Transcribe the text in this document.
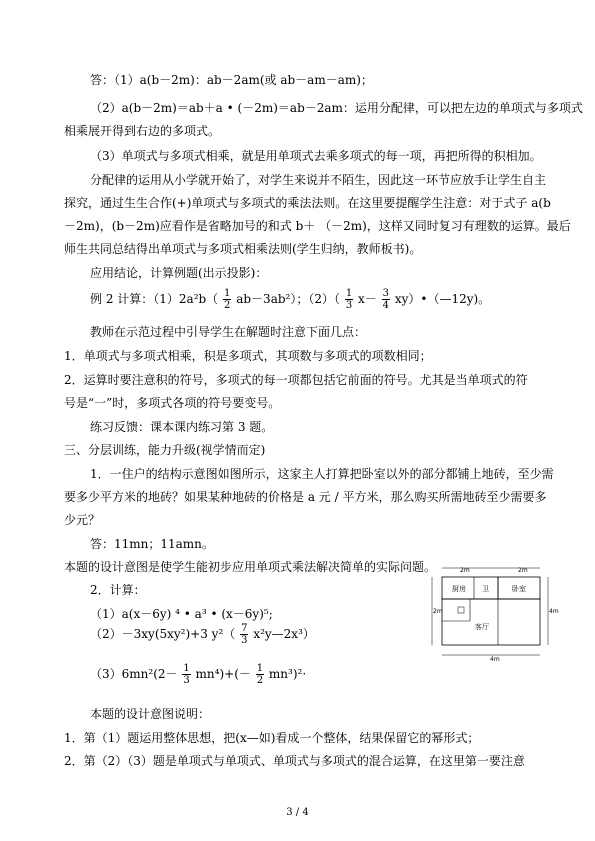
答：（1）a(b－2m)：ab－2am(或 ab－am－am)；
（2）a(b－2m)＝ab＋a • (－2m)＝ab－2am：运用分配律，可以把左边的单项式与多项式
相乘展开得到右边的多项式。
（3）单项式与多项式相乘，就是用单项式去乘多项式的每一项，再把所得的积相加。
分配律的运用从小学就开始了，对学生来说并不陌生，因此这一环节应放手让学生自主
探究，通过生生合作(+)单项式与多项式的乘法法则。在这里要提醒学生注意：对于式子 a(b
－2m)，(b－2m)应看作是省略加号的和式 b＋ （－2m)，这样又同时复习有理数的运算。最后
师生共同总结得出单项式与多项式相乘法则(学生归纳，教师板书)。
应用结论，计算例题(出示投影)：
例 2 计算：$(1)2a^2b( \frac{1}{2} ab-3ab^2)$；$(2)( \frac{1}{3} x- \frac{3}{4}$ xy）•（—12y)。
教师在示范过程中引导学生在解题时注意下面几点：
1．单项式与多项式相乘，积是多项式，其项数与多项式的项数相同；
2．运算时要注意积的符号，多项式的每一项都包括它前面的符号。尤其是当单项式的符
号是“一”时，多项式各项的符号要变号。
练习反馈：课本课内练习第 3 题。
三、分层训练，能力升级(视学情而定)
1．一住户的结构示意图如图所示，这家主人打算把卧室以外的部分都铺上地砖，至少需
要多少平方米的地砖？如果某种地砖的价格是 a 元 / 平方米，那么购买所需地砖至少需要多
少元？
答：11mn；11amn。
本题的设计意图是使学生能初步应用单项式乘法解决简单的实际问题。
2．计算：
（1）a(x－6y) ⁴ • a³ • (x－6y)⁵;
（2）－3xy(5xy²)+3 $y^2( \frac{7}{3}$ x²y—2x³）
$(3)6mn^2(2- \frac{1}{3} mn^4)+(- \frac{1}{2} mn^3)^2\cdot$
本题的设计意图说明：
1．第（1）题运用整体思想，把(x—如)看成一个整体，结果保留它的幂形式；
2．第（2）（3）题是单项式与单项式、单项式与多项式的混合运算，在这里第一要注意
2m	2m
4m
4m
2m
厨房 卫
客厅
卧室
3 / 4
